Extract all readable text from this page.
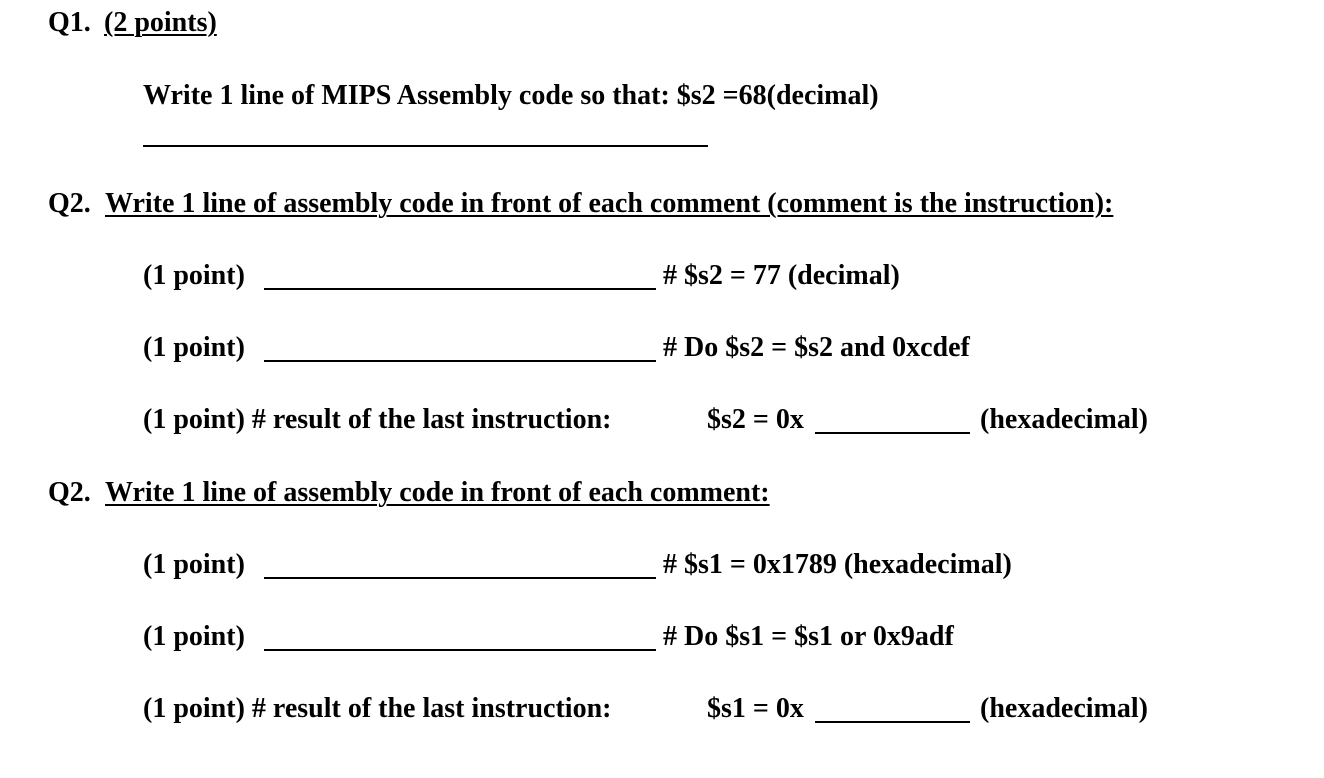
Q1. (2 points)
Write 1 line of MIPS Assembly code so that: $s2 =68(decimal)
Q2. Write 1 line of assembly code in front of each comment (comment is the instruction):
(1 point)	# $s2 = 77 (decimal)
(1 point)	# Do $s2 = $s2 and 0xcdef
(1 point) # result of the last instruction:	$s2 = 0x	(hexadecimal)
Q2. Write 1 line of assembly code in front of each comment:
(1 point)	# $s1 = 0x1789 (hexadecimal)
(1 point)	# Do $s1 = $s1 or 0x9adf
(1 point) # result of the last instruction:	$s1 = 0x	(hexadecimal)
